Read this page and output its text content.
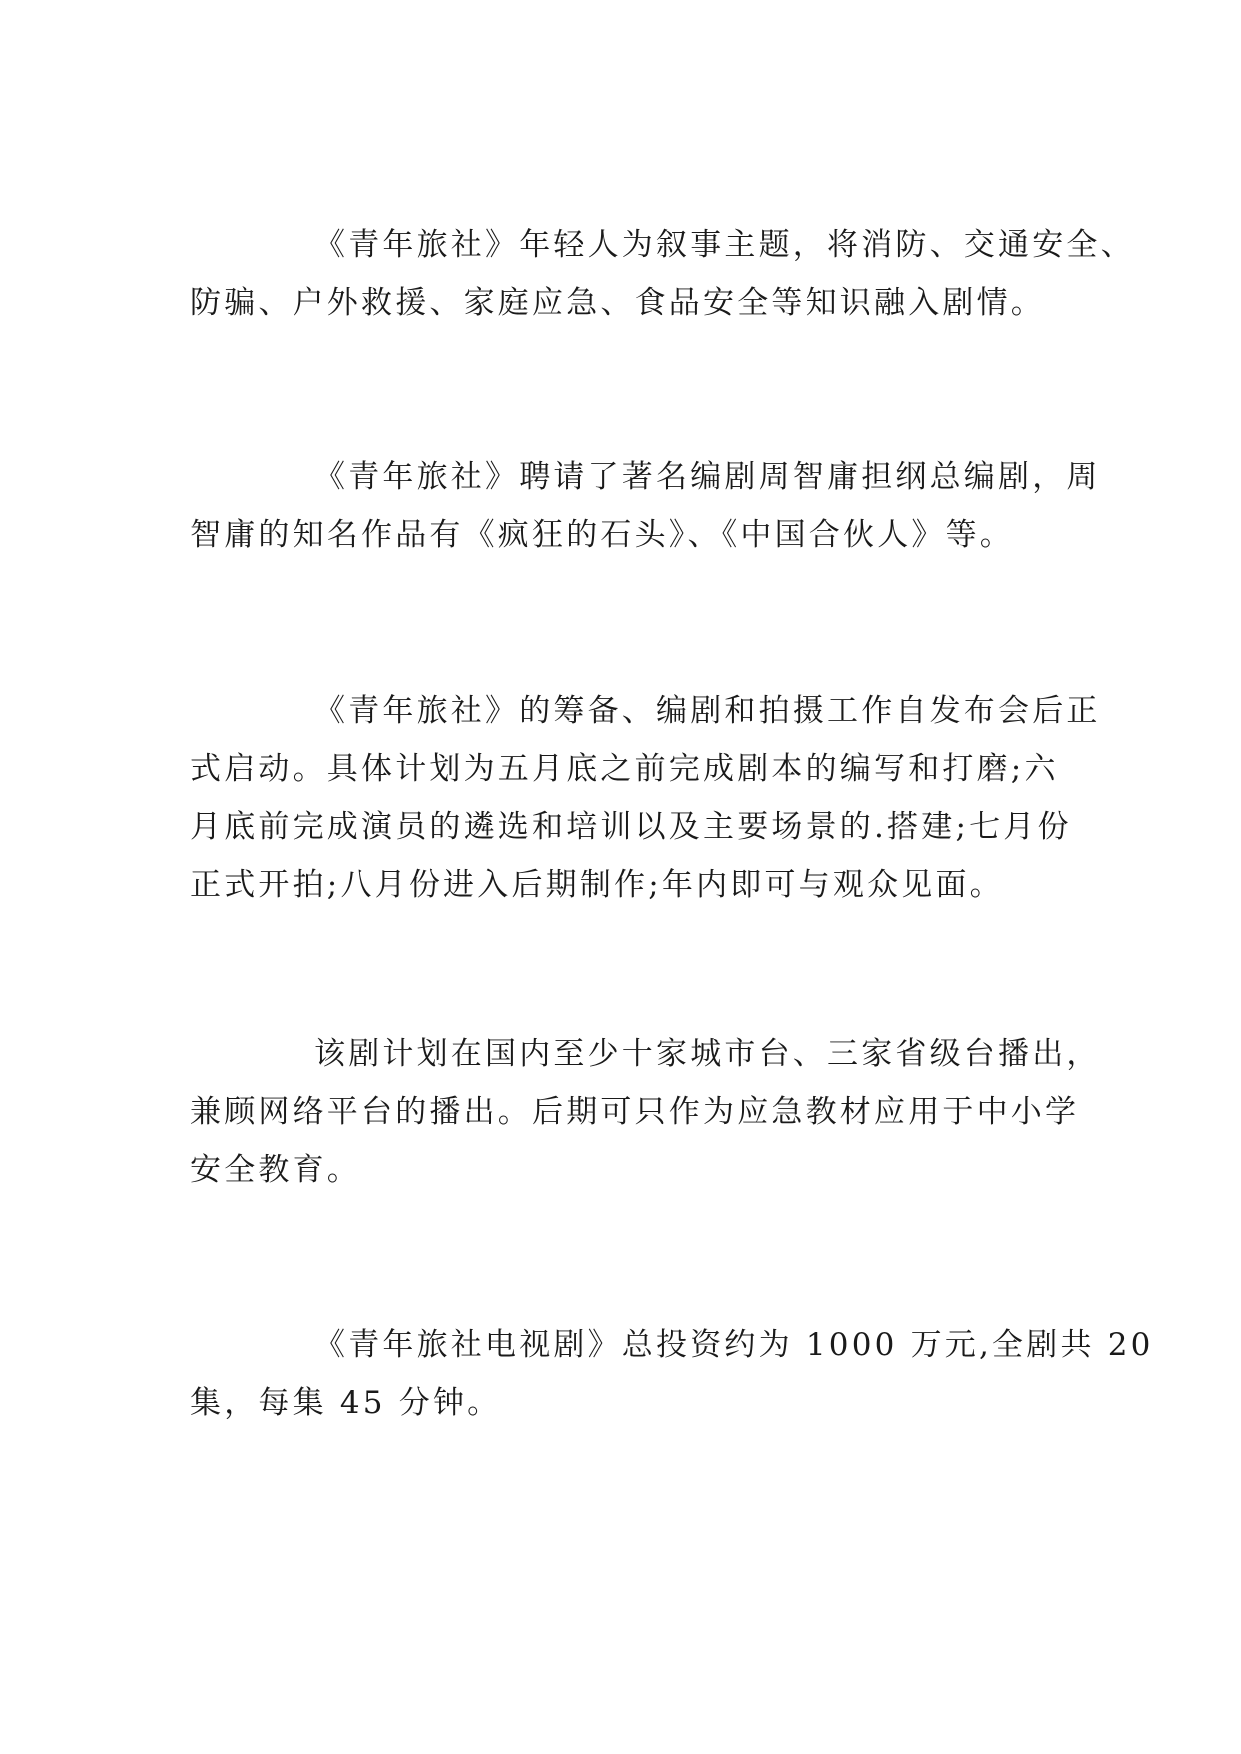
《青年旅社》年轻人为叙事主题，将消防、交通安全、
防骗、户外救援、家庭应急、食品安全等知识融入剧情。

《青年旅社》聘请了著名编剧周智庸担纲总编剧，周
智庸的知名作品有《疯狂的石头》、《中国合伙人》等。

《青年旅社》的筹备、编剧和拍摄工作自发布会后正
式启动。具体计划为五月底之前完成剧本的编写和打磨;六
月底前完成演员的遴选和培训以及主要场景的.搭建;七月份
正式开拍;八月份进入后期制作;年内即可与观众见面。

该剧计划在国内至少十家城市台、三家省级台播出，
兼顾网络平台的播出。后期可只作为应急教材应用于中小学
安全教育。

《青年旅社电视剧》总投资约为 1000 万元,全剧共 20
集，每集 45 分钟。
